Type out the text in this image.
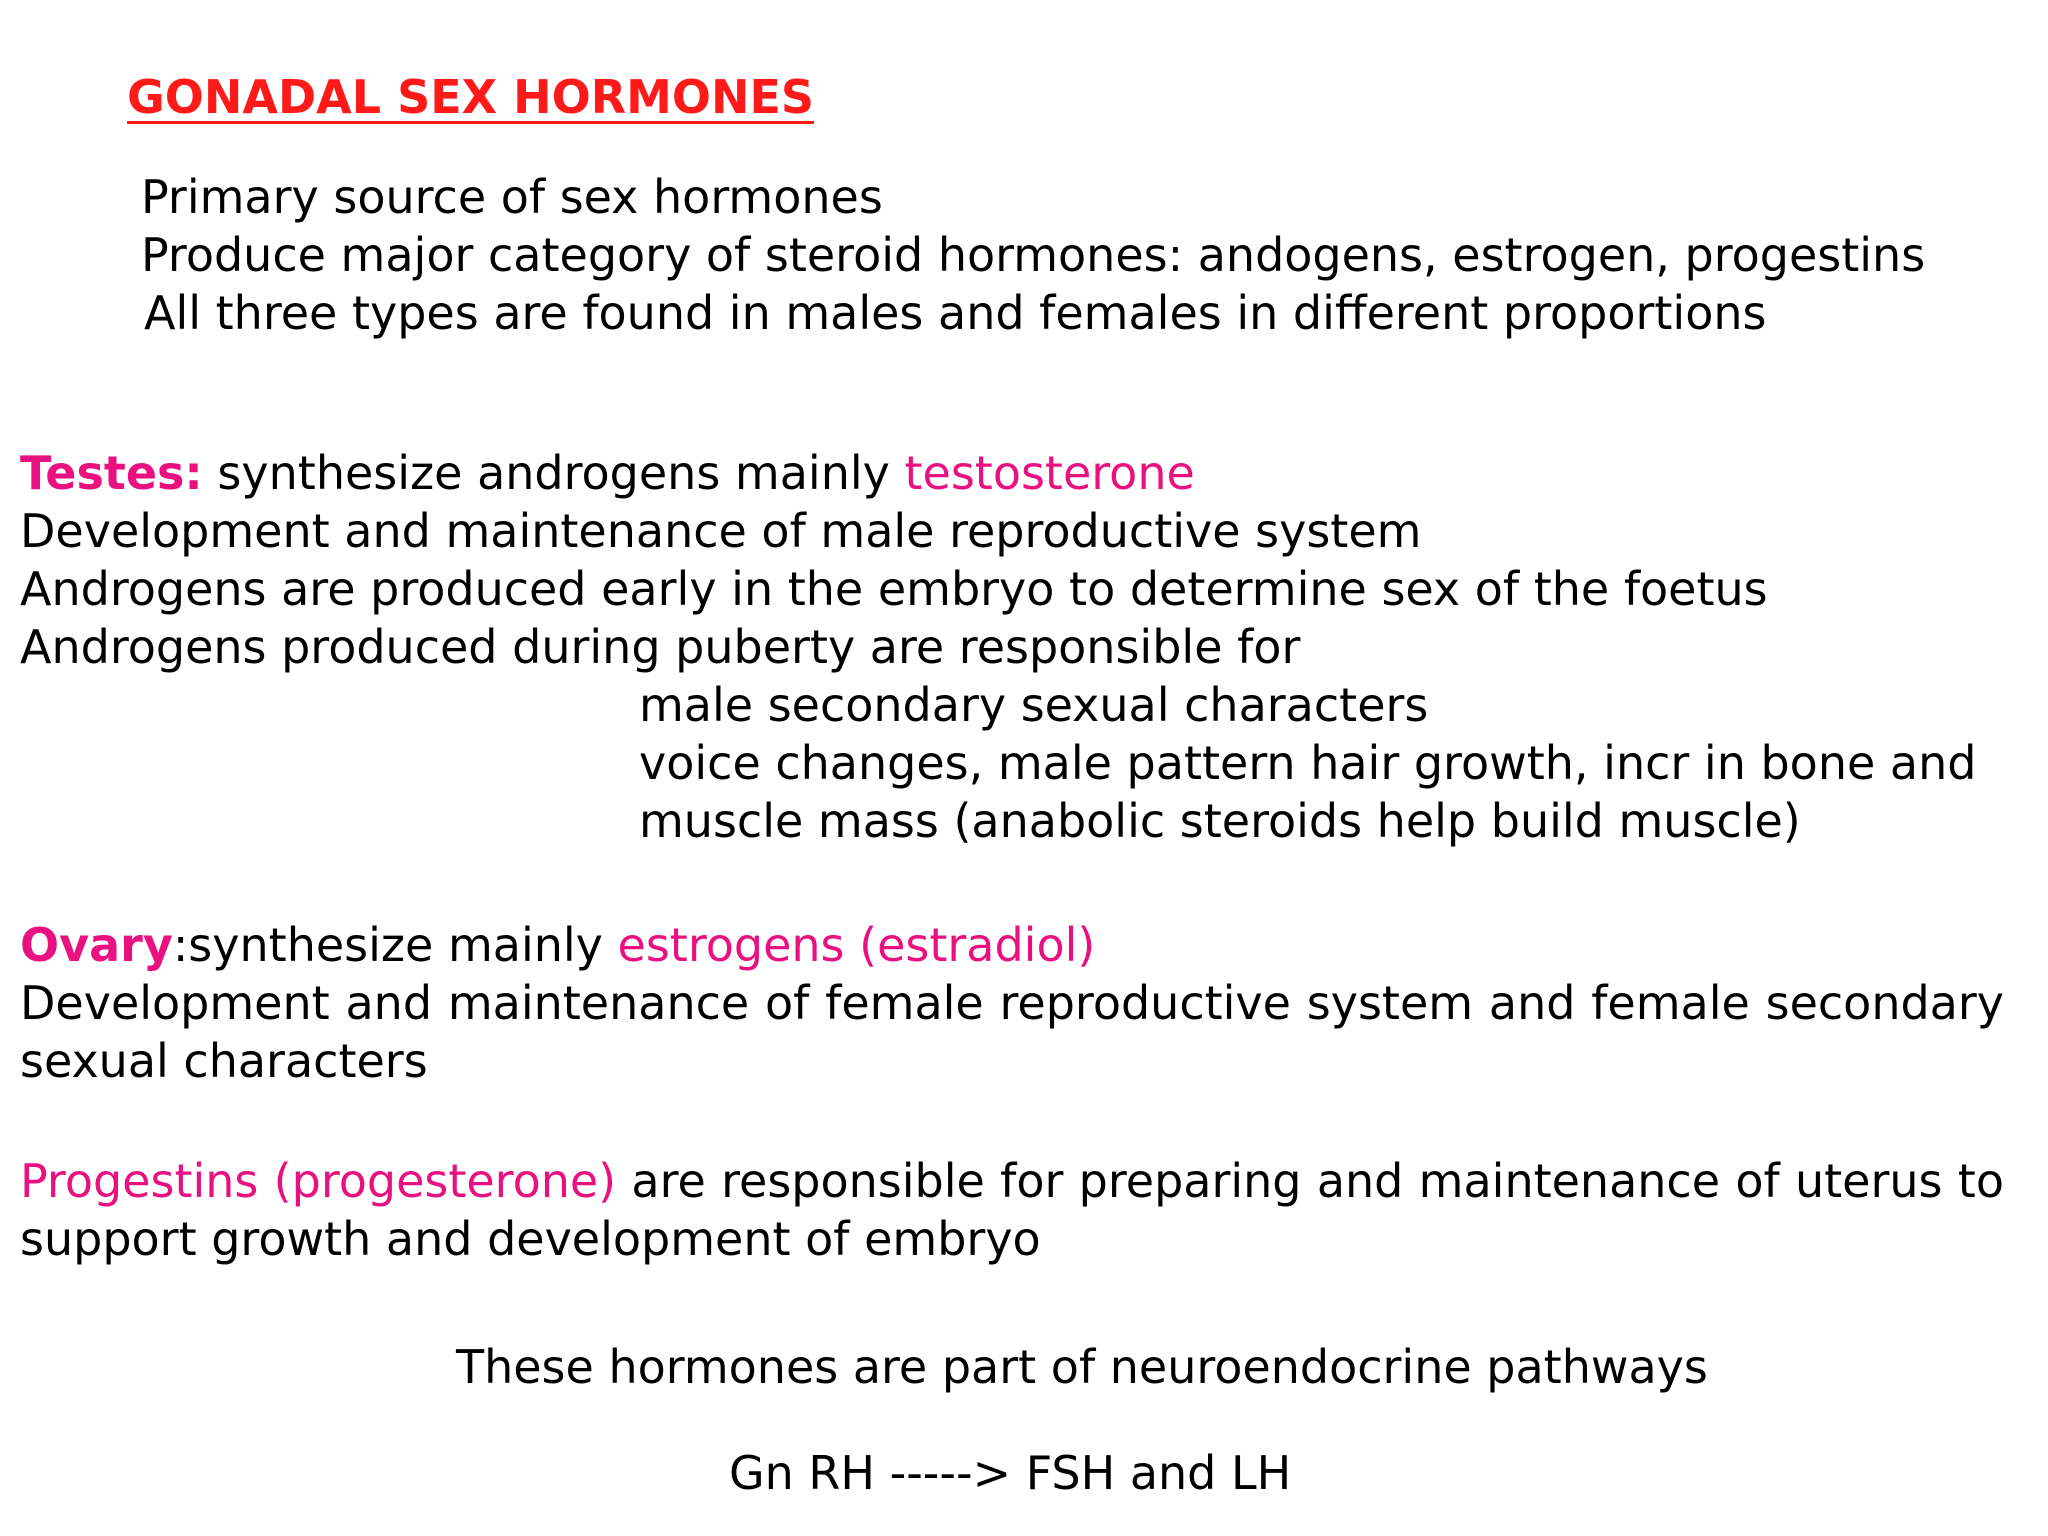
GONADAL SEX HORMONES
Primary source of sex hormones
Produce major category of steroid hormones: andogens, estrogen, progestins
All three types are found in males and females in different proportions
Testes: synthesize androgens mainly testosterone
Development and maintenance of male reproductive system
Androgens are produced early in the embryo to determine sex of the foetus
Androgens produced during puberty are responsible for
male secondary sexual characters
voice changes, male pattern hair growth, incr in bone and
muscle mass (anabolic steroids help build muscle)
Ovary:synthesize mainly estrogens (estradiol)
Development and maintenance of female reproductive system and female secondary
sexual characters
Progestins (progesterone) are responsible for preparing and maintenance of uterus to
support growth and development of embryo
These hormones are part of neuroendocrine pathways
Gn RH -----> FSH and LH
